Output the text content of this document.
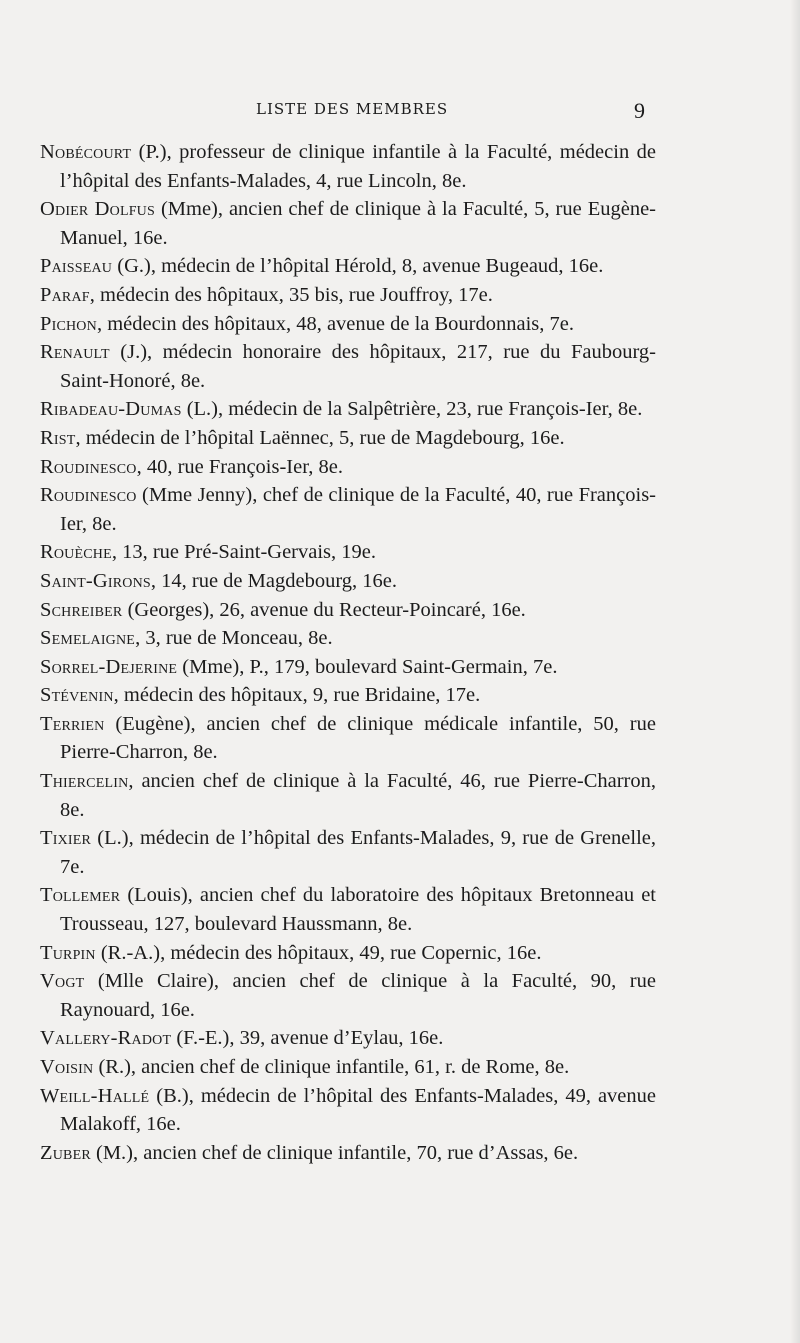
LISTE DES MEMBRES	9

Nobécourt (P.), professeur de clinique infantile à la Faculté, médecin de l’hôpital des Enfants-Malades, 4, rue Lincoln, 8e.

Odier Dolfus (Mme), ancien chef de clinique à la Faculté, 5, rue Eugène-Manuel, 16e.

Paisseau (G.), médecin de l’hôpital Hérold, 8, avenue Bugeaud, 16e.

Paraf, médecin des hôpitaux, 35 bis, rue Jouffroy, 17e.

Pichon, médecin des hôpitaux, 48, avenue de la Bourdonnais, 7e.

Renault (J.), médecin honoraire des hôpitaux, 217, rue du Faubourg-Saint-Honoré, 8e.

Ribadeau-Dumas (L.), médecin de la Salpêtrière, 23, rue François-Ier, 8e.

Rist, médecin de l’hôpital Laënnec, 5, rue de Magdebourg, 16e.

Roudinesco, 40, rue François-Ier, 8e.

Roudinesco (Mme Jenny), chef de clinique de la Faculté, 40, rue François-Ier, 8e.

Rouèche, 13, rue Pré-Saint-Gervais, 19e.

Saint-Girons, 14, rue de Magdebourg, 16e.

Schreiber (Georges), 26, avenue du Recteur-Poincaré, 16e.

Semelaigne, 3, rue de Monceau, 8e.

Sorrel-Dejerine (Mme), P., 179, boulevard Saint-Germain, 7e.

Stévenin, médecin des hôpitaux, 9, rue Bridaine, 17e.

Terrien (Eugène), ancien chef de clinique médicale infantile, 50, rue Pierre-Charron, 8e.

Thiercelin, ancien chef de clinique à la Faculté, 46, rue Pierre-Charron, 8e.

Tixier (L.), médecin de l’hôpital des Enfants-Malades, 9, rue de Grenelle, 7e.

Tollemer (Louis), ancien chef du laboratoire des hôpitaux Bretonneau et Trousseau, 127, boulevard Haussmann, 8e.

Turpin (R.-A.), médecin des hôpitaux, 49, rue Copernic, 16e.

Vogt (Mlle Claire), ancien chef de clinique à la Faculté, 90, rue Raynouard, 16e.

Vallery-Radot (F.-E.), 39, avenue d’Eylau, 16e.

Voisin (R.), ancien chef de clinique infantile, 61, r. de Rome, 8e.

Weill-Hallé (B.), médecin de l’hôpital des Enfants-Malades, 49, avenue Malakoff, 16e.

Zuber (M.), ancien chef de clinique infantile, 70, rue d’Assas, 6e.
